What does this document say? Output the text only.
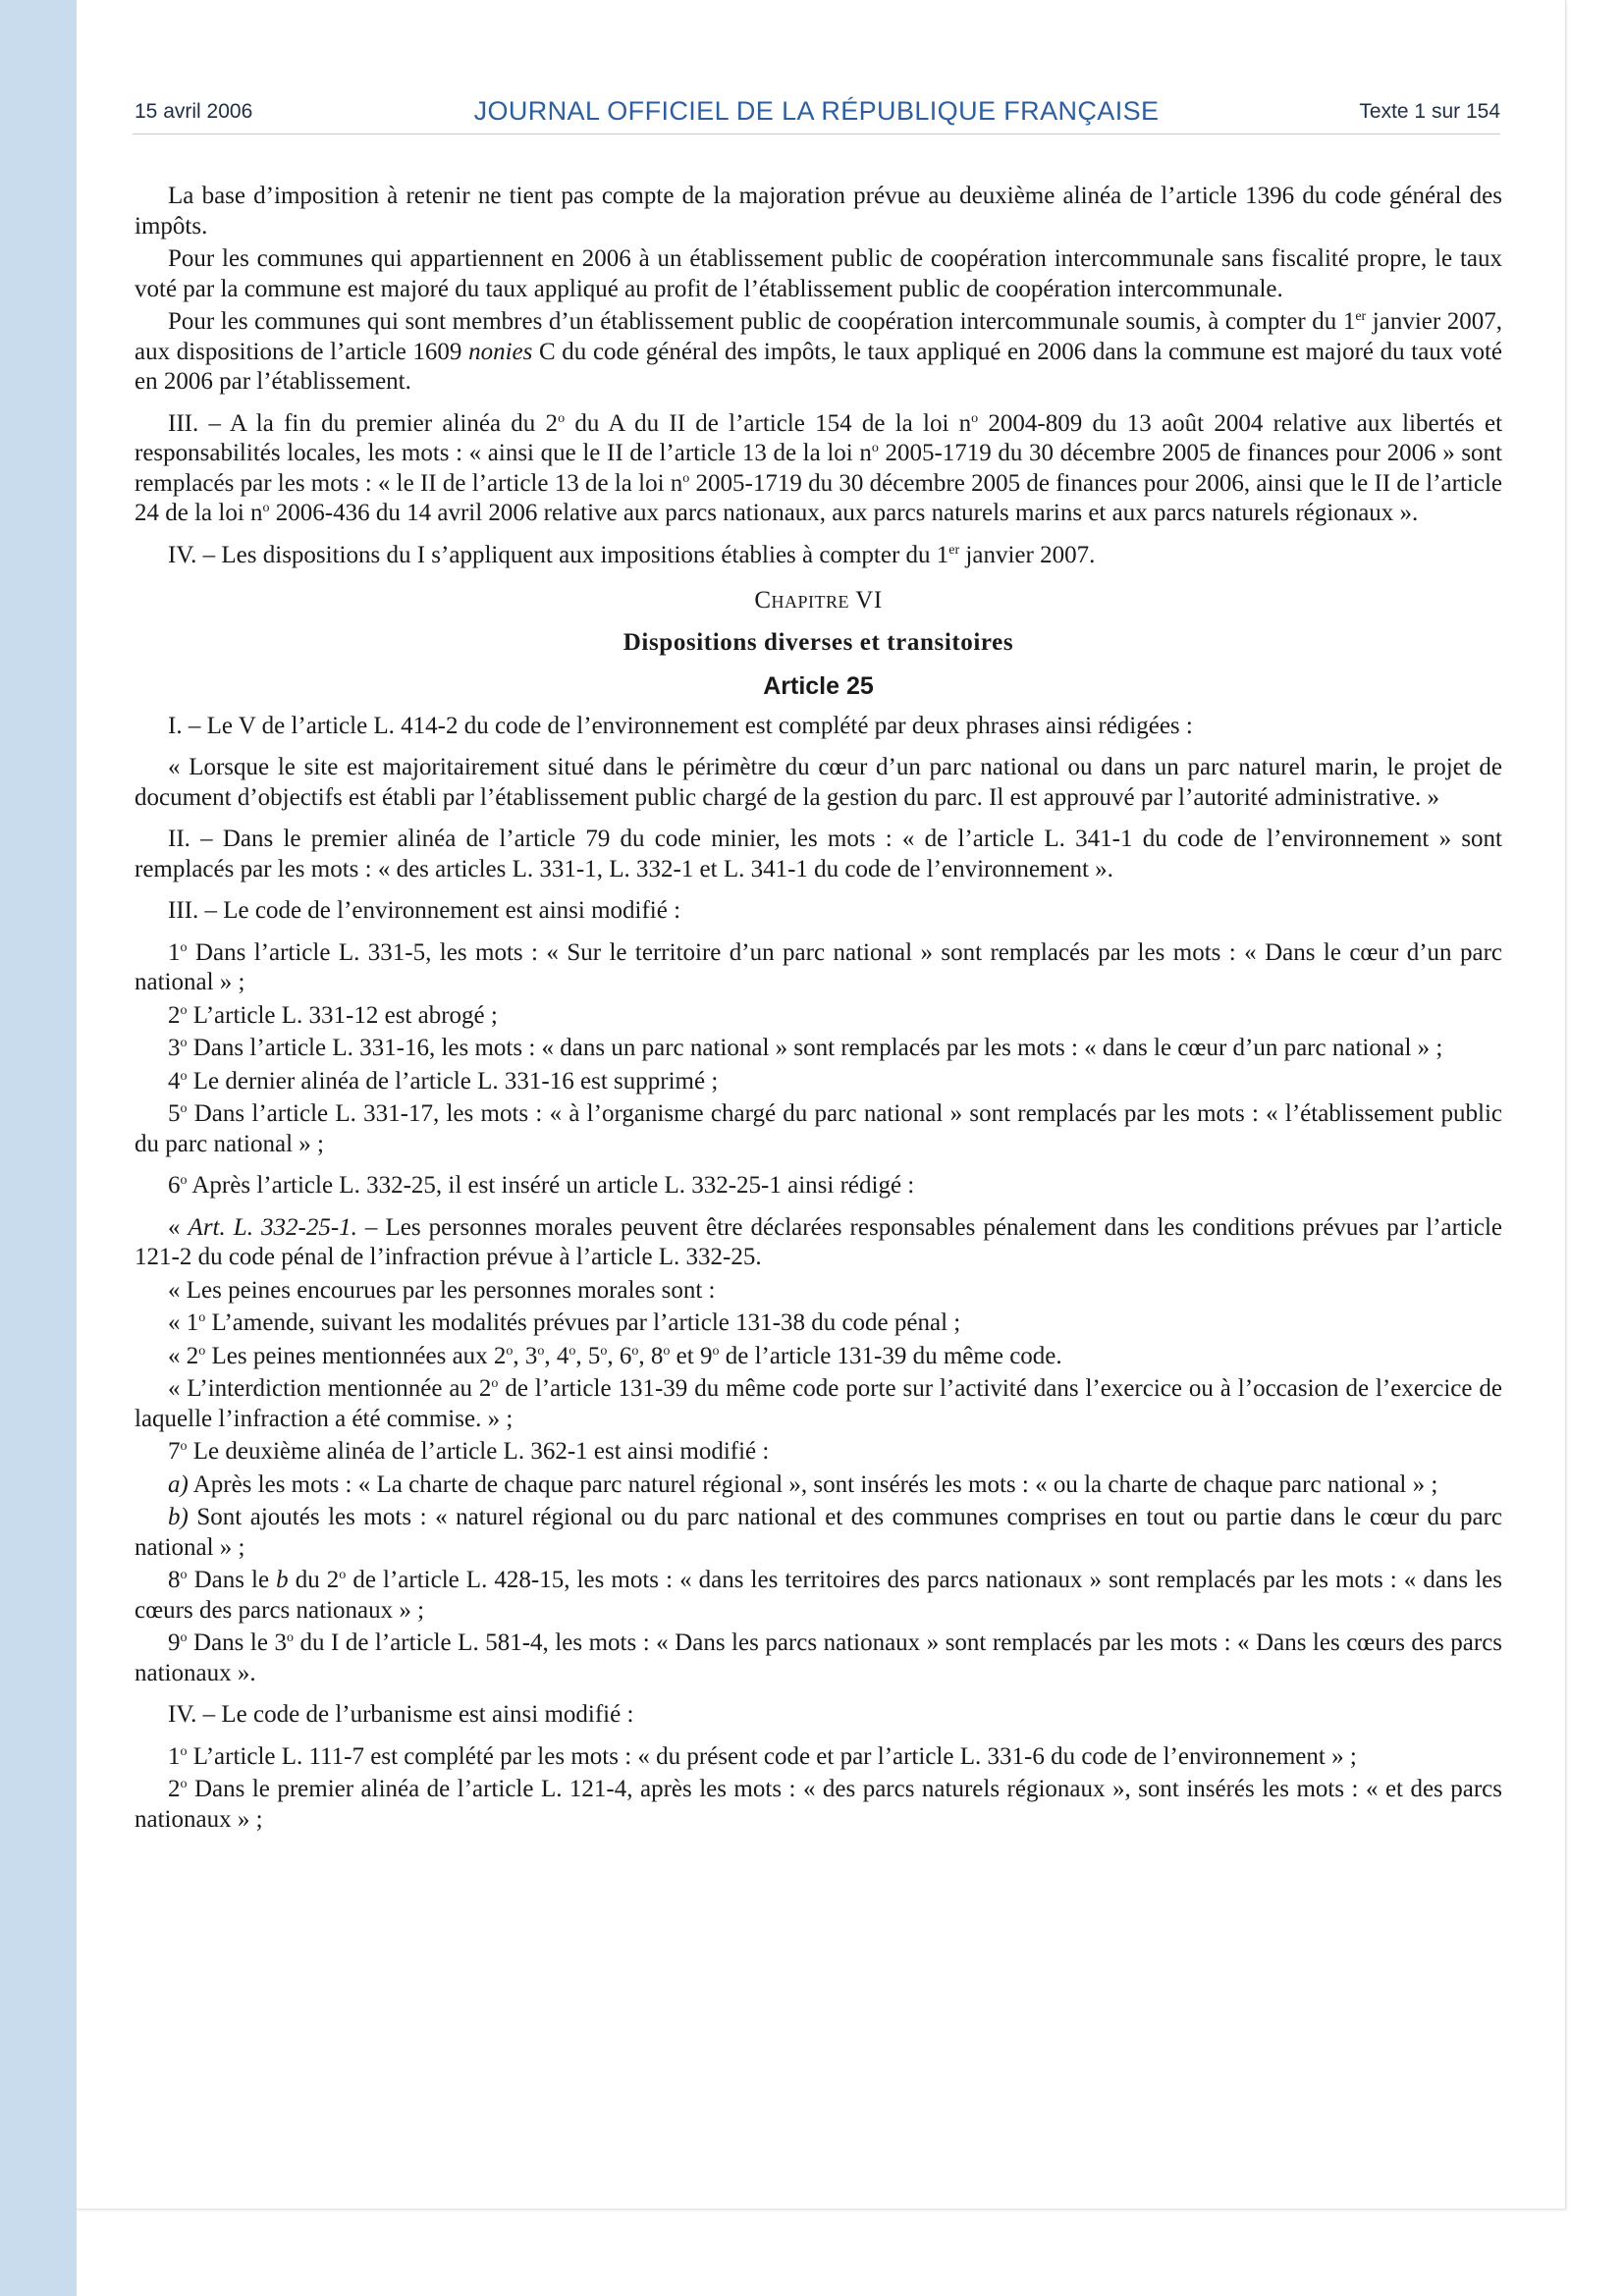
15 avril 2006	JOURNAL OFFICIEL DE LA RÉPUBLIQUE FRANÇAISE	Texte 1 sur 154

La base d’imposition à retenir ne tient pas compte de la majoration prévue au deuxième alinéa de l’article 1396 du code général des impôts.

Pour les communes qui appartiennent en 2006 à un établissement public de coopération intercommunale sans fiscalité propre, le taux voté par la commune est majoré du taux appliqué au profit de l’établissement public de coopération intercommunale.

Pour les communes qui sont membres d’un établissement public de coopération intercommunale soumis, à compter du 1er janvier 2007, aux dispositions de l’article 1609 nonies C du code général des impôts, le taux appliqué en 2006 dans la commune est majoré du taux voté en 2006 par l’établissement.

III. – A la fin du premier alinéa du 2$^o$ du A du II de l’article 154 de la loi $n^o$ 2004-809 du 13 août 2004 relative aux libertés et responsabilités locales, les mots : « ainsi que le II de l’article 13 de la loi $n^o$ 2005-1719 du 30 décembre 2005 de finances pour 2006 » sont remplacés par les mots : « le II de l’article 13 de la loi $n^o$ 2005-1719 du 30 décembre 2005 de finances pour 2006, ainsi que le II de l’article 24 de la loi $n^o$ 2006-436 du 14 avril 2006 relative aux parcs nationaux, aux parcs naturels marins et aux parcs naturels régionaux ».

IV. – Les dispositions du I s’appliquent aux impositions établies à compter du 1er janvier 2007.

Chapitre VI
Dispositions diverses et transitoires
Article 25

I. – Le V de l’article L. 414-2 du code de l’environnement est complété par deux phrases ainsi rédigées :

« Lorsque le site est majoritairement situé dans le périmètre du cœur d’un parc national ou dans un parc naturel marin, le projet de document d’objectifs est établi par l’établissement public chargé de la gestion du parc. Il est approuvé par l’autorité administrative. »

II. – Dans le premier alinéa de l’article 79 du code minier, les mots : « de l’article L. 341-1 du code de l’environnement » sont remplacés par les mots : « des articles L. 331-1, L. 332-1 et L. 341-1 du code de l’environnement ».

III. – Le code de l’environnement est ainsi modifié :

1$^o$ Dans l’article L. 331-5, les mots : « Sur le territoire d’un parc national » sont remplacés par les mots : « Dans le cœur d’un parc national » ;

2$^o$ L’article L. 331-12 est abrogé ;

3$^o$ Dans l’article L. 331-16, les mots : « dans un parc national » sont remplacés par les mots : « dans le cœur d’un parc national » ;

4$^o$ Le dernier alinéa de l’article L. 331-16 est supprimé ;

5$^o$ Dans l’article L. 331-17, les mots : « à l’organisme chargé du parc national » sont remplacés par les mots : « l’établissement public du parc national » ;

6$^o$ Après l’article L. 332-25, il est inséré un article L. 332-25-1 ainsi rédigé :

« Art. L. 332-25-1. – Les personnes morales peuvent être déclarées responsables pénalement dans les conditions prévues par l’article 121-2 du code pénal de l’infraction prévue à l’article L. 332-25.

« Les peines encourues par les personnes morales sont :

« 1$^o$ L’amende, suivant les modalités prévues par l’article 131-38 du code pénal ;

« 2$^o$ Les peines mentionnées aux 2$^o$, 3$^o$, 4$^o$, 5$^o$, 6$^o$, 8$^o$ et 9$^o$ de l’article 131-39 du même code.

« L’interdiction mentionnée au 2$^o$ de l’article 131-39 du même code porte sur l’activité dans l’exercice ou à l’occasion de l’exercice de laquelle l’infraction a été commise. » ;

7$^o$ Le deuxième alinéa de l’article L. 362-1 est ainsi modifié :

a) Après les mots : « La charte de chaque parc naturel régional », sont insérés les mots : « ou la charte de chaque parc national » ;

b) Sont ajoutés les mots : « naturel régional ou du parc national et des communes comprises en tout ou partie dans le cœur du parc national » ;

8$^o$ Dans le b du 2$^o$ de l’article L. 428-15, les mots : « dans les territoires des parcs nationaux » sont remplacés par les mots : « dans les cœurs des parcs nationaux » ;

9$^o$ Dans le 3$^o$ du I de l’article L. 581-4, les mots : « Dans les parcs nationaux » sont remplacés par les mots : « Dans les cœurs des parcs nationaux ».

IV. – Le code de l’urbanisme est ainsi modifié :

1$^o$ L’article L. 111-7 est complété par les mots : « du présent code et par l’article L. 331-6 du code de l’environnement » ;

2$^o$ Dans le premier alinéa de l’article L. 121-4, après les mots : « des parcs naturels régionaux », sont insérés les mots : « et des parcs nationaux » ;
